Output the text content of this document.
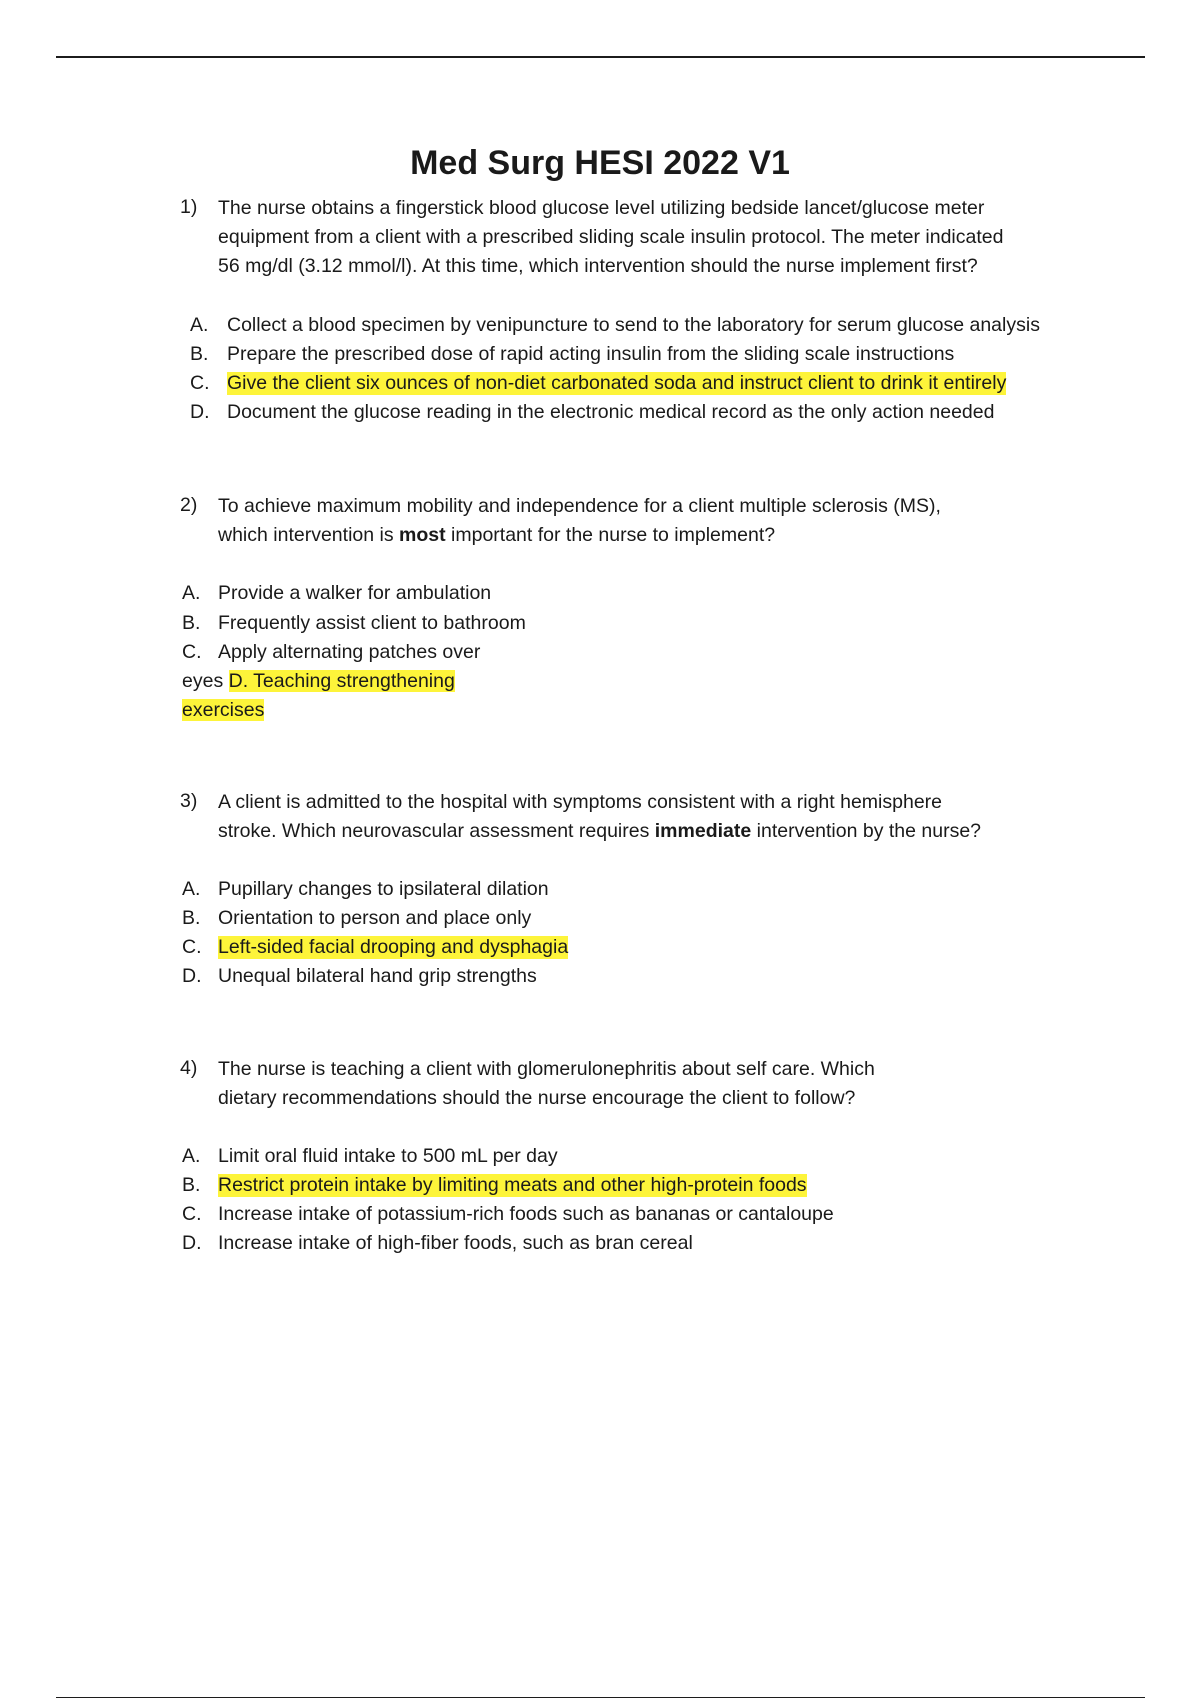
Med Surg HESI 2022 V1
1) The nurse obtains a fingerstick blood glucose level utilizing bedside lancet/glucose meter
equipment from a client with a prescribed sliding scale insulin protocol. The meter indicated
56 mg/dl (3.12 mmol/l). At this time, which intervention should the nurse implement first?
A. Collect a blood specimen by venipuncture to send to the laboratory for serum glucose analysis
B. Prepare the prescribed dose of rapid acting insulin from the sliding scale instructions
C. Give the client six ounces of non-diet carbonated soda and instruct client to drink it entirely
D. Document the glucose reading in the electronic medical record as the only action needed
2) To achieve maximum mobility and independence for a client multiple sclerosis (MS),
which intervention is most important for the nurse to implement?
A. Provide a walker for ambulation
B. Frequently assist client to bathroom
C. Apply alternating patches over
eyes D. Teaching strengthening
exercises
3) A client is admitted to the hospital with symptoms consistent with a right hemisphere
stroke. Which neurovascular assessment requires immediate intervention by the nurse?
A. Pupillary changes to ipsilateral dilation
B. Orientation to person and place only
C. Left-sided facial drooping and dysphagia
D. Unequal bilateral hand grip strengths
4) The nurse is teaching a client with glomerulonephritis about self care. Which
dietary recommendations should the nurse encourage the client to follow?
A. Limit oral fluid intake to 500 mL per day
B. Restrict protein intake by limiting meats and other high-protein foods
C. Increase intake of potassium-rich foods such as bananas or cantaloupe
D. Increase intake of high-fiber foods, such as bran cereal
